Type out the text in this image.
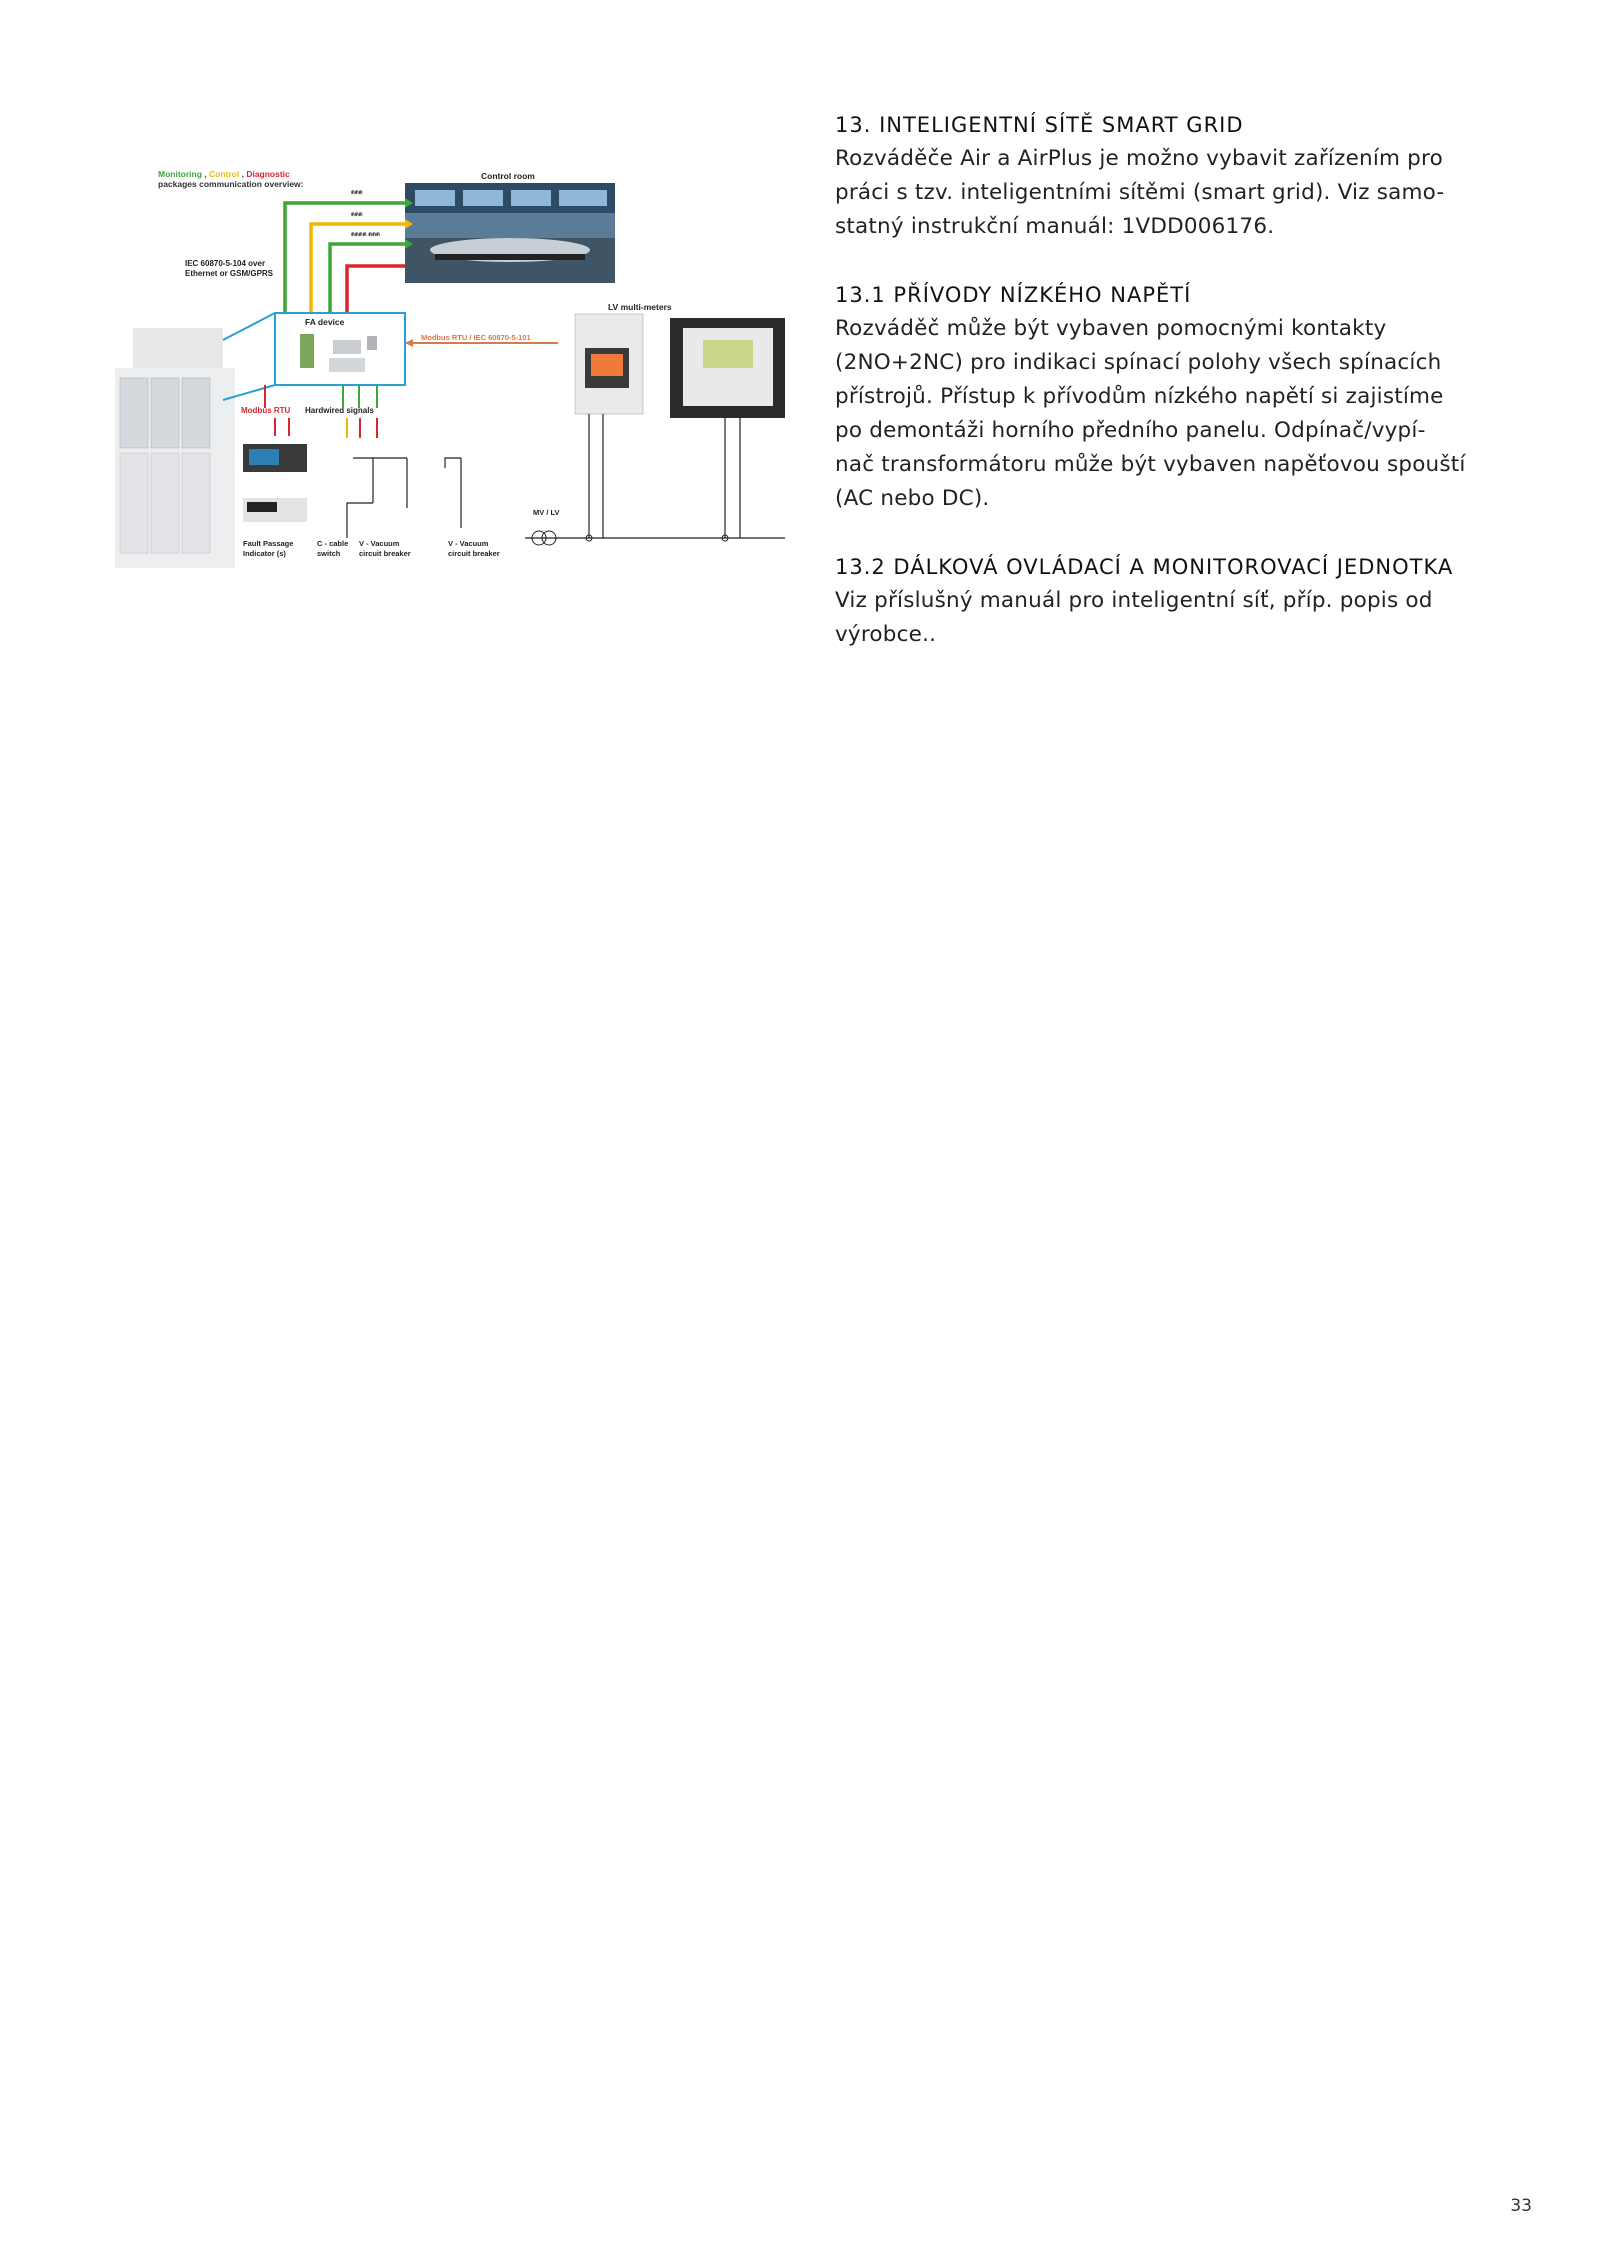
Monitoring , Control , Diagnostic
packages communication overview:
Control room
ดดด
ดดด
ดดดด ดดด
IEC 60870-5-104 over
Ethernet or GSM/GPRS
FA device
Modbus RTU / IEC 60870-5-101
LV multi-meters
MV / LV
Modbus RTU Hardwired signals
Fault Passage
Indicator (s)
C - cable
switch
V - Vacuum
circuit breaker
V - Vacuum
circuit breaker
13. INTELIGENTNÍ SÍTĚ SMART GRID

Rozváděče Air a AirPlus je možno vybavit zařízením pro

práci s tzv. inteligentními sítěmi (smart grid). Viz samo-

statný instrukční manuál: 1VDD006176.

13.1 PŘÍVODY NÍZKÉHO NAPĚTÍ

Rozváděč může být vybaven pomocnými kontakty

(2NO+2NC) pro indikaci spínací polohy všech spínacích

přístrojů. Přístup k přívodům nízkého napětí si zajistíme

po demontáži horního předního panelu. Odpínač/vypí-

nač transformátoru může být vybaven napěťovou spouští

(AC nebo DC).

13.2 DÁLKOVÁ OVLÁDACÍ A MONITOROVACÍ JEDNOTKA

Viz příslušný manuál pro inteligentní síť, příp. popis od

výrobce..

33
